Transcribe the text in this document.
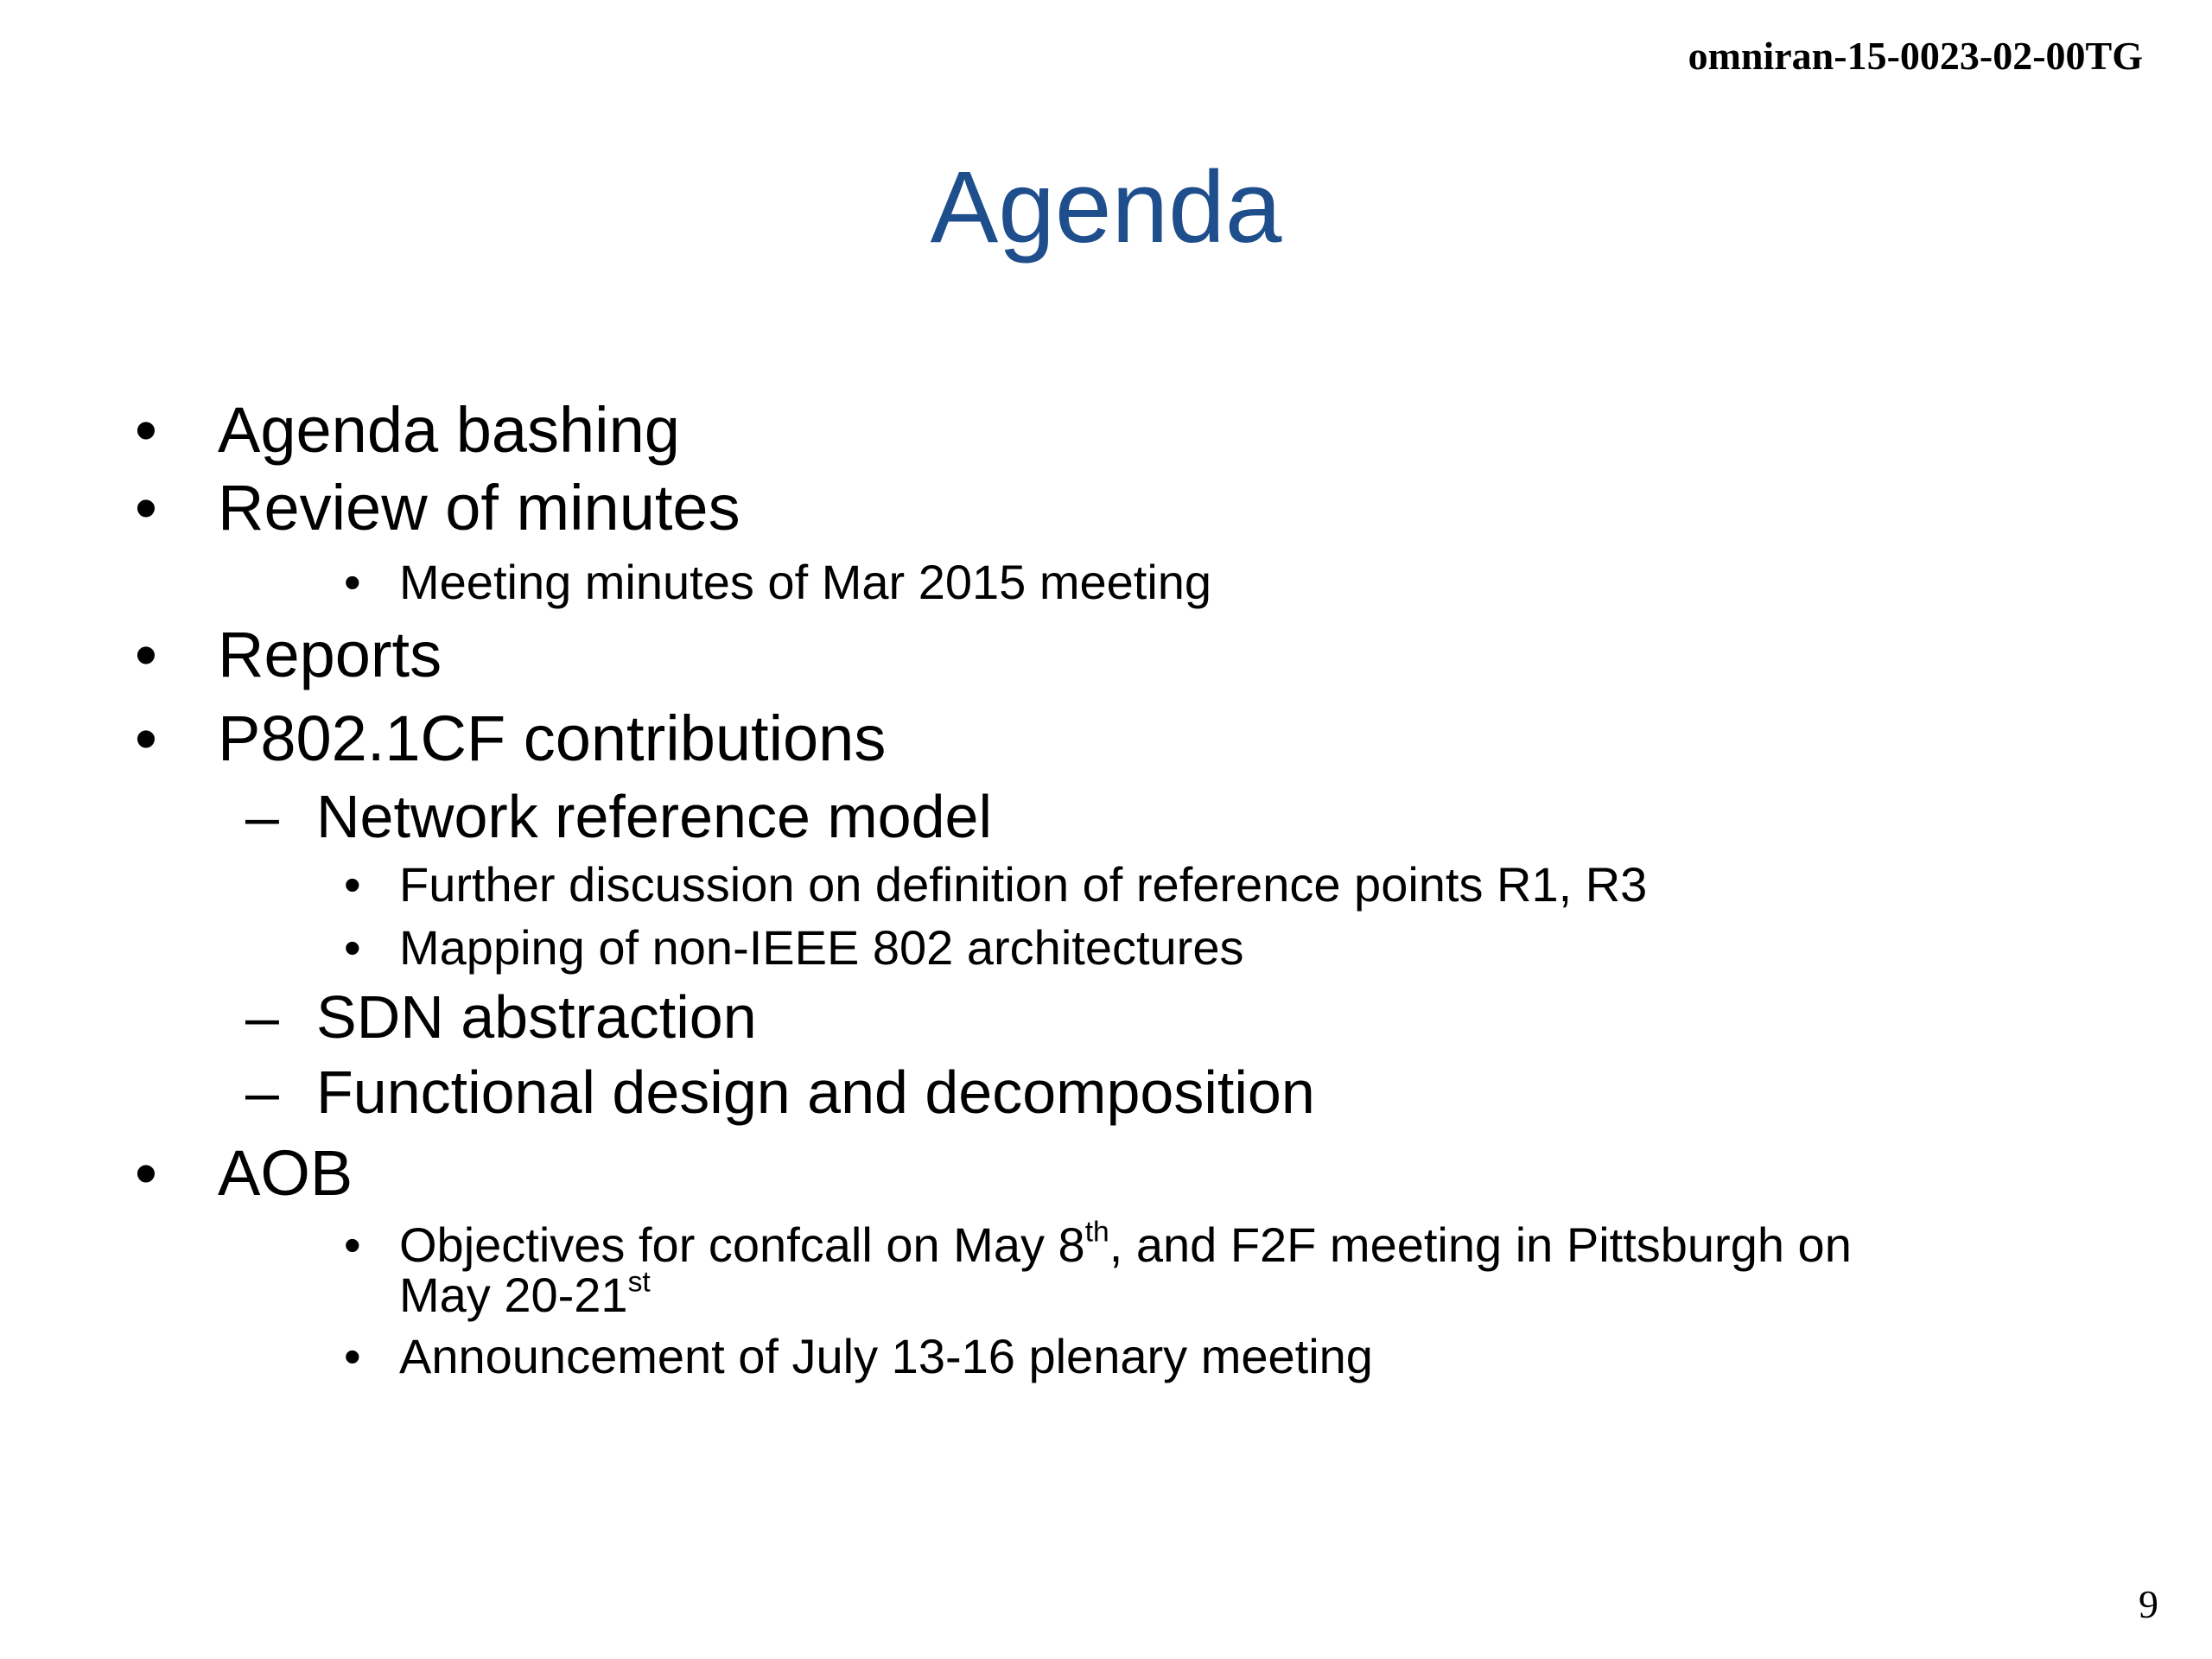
omniran-15-0023-02-00TG
Agenda
• Agenda bashing
• Review of minutes
• Meeting minutes of Mar 2015 meeting
• Reports
• P802.1CF contributions
– Network reference model
• Further discussion on definition of reference points R1, R3
• Mapping of non-IEEE 802 architectures
– SDN abstraction
– Functional design and decomposition
• AOB
• Objectives for confcall on May 8th, and F2F meeting in Pittsburgh on
May 20-21st
• Announcement of July 13-16 plenary meeting
9
